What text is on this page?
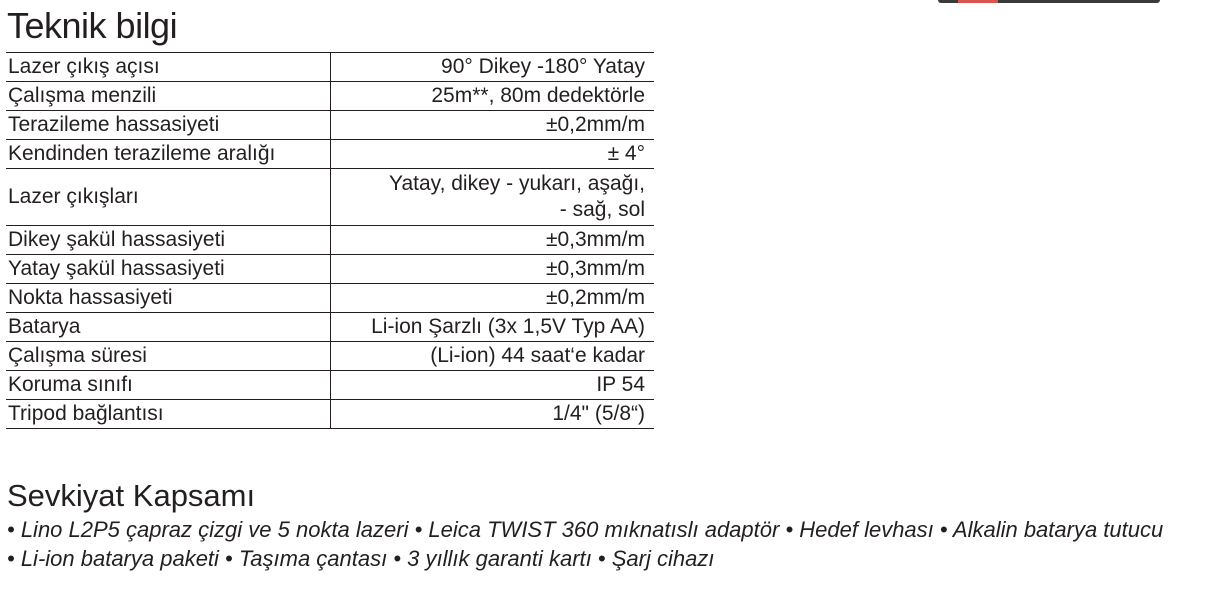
Teknik bilgi
Lazer çıkış açısı	90° Dikey -180° Yatay
Çalışma menzili	25m**, 80m dedektörle
Terazileme hassasiyeti	±0,2mm/m
Kendinden terazileme aralığı	± 4°
Lazer çıkışları	Yatay, dikey - yukarı, aşağı,
- sağ, sol

Dikey şakül hassasiyeti	±0,3mm/m
Yatay şakül hassasiyeti	±0,3mm/m
Nokta hassasiyeti	±0,2mm/m
Batarya	Li-ion Şarzlı (3x 1,5V Typ AA)
Çalışma süresi	(Li-ion) 44 saat‘e kadar
Koruma sınıfı	IP 54
Tripod bağlantısı	1/4" (5/8“)
Sevkiyat Kapsamı
• Lino L2P5 çapraz çizgi ve 5 nokta lazeri • Leica TWIST 360 mıknatıslı adaptör • Hedef levhası • Alkalin batarya tutucu
• Li-ion batarya paketi • Taşıma çantası • 3 yıllık garanti kartı • Şarj cihazı
